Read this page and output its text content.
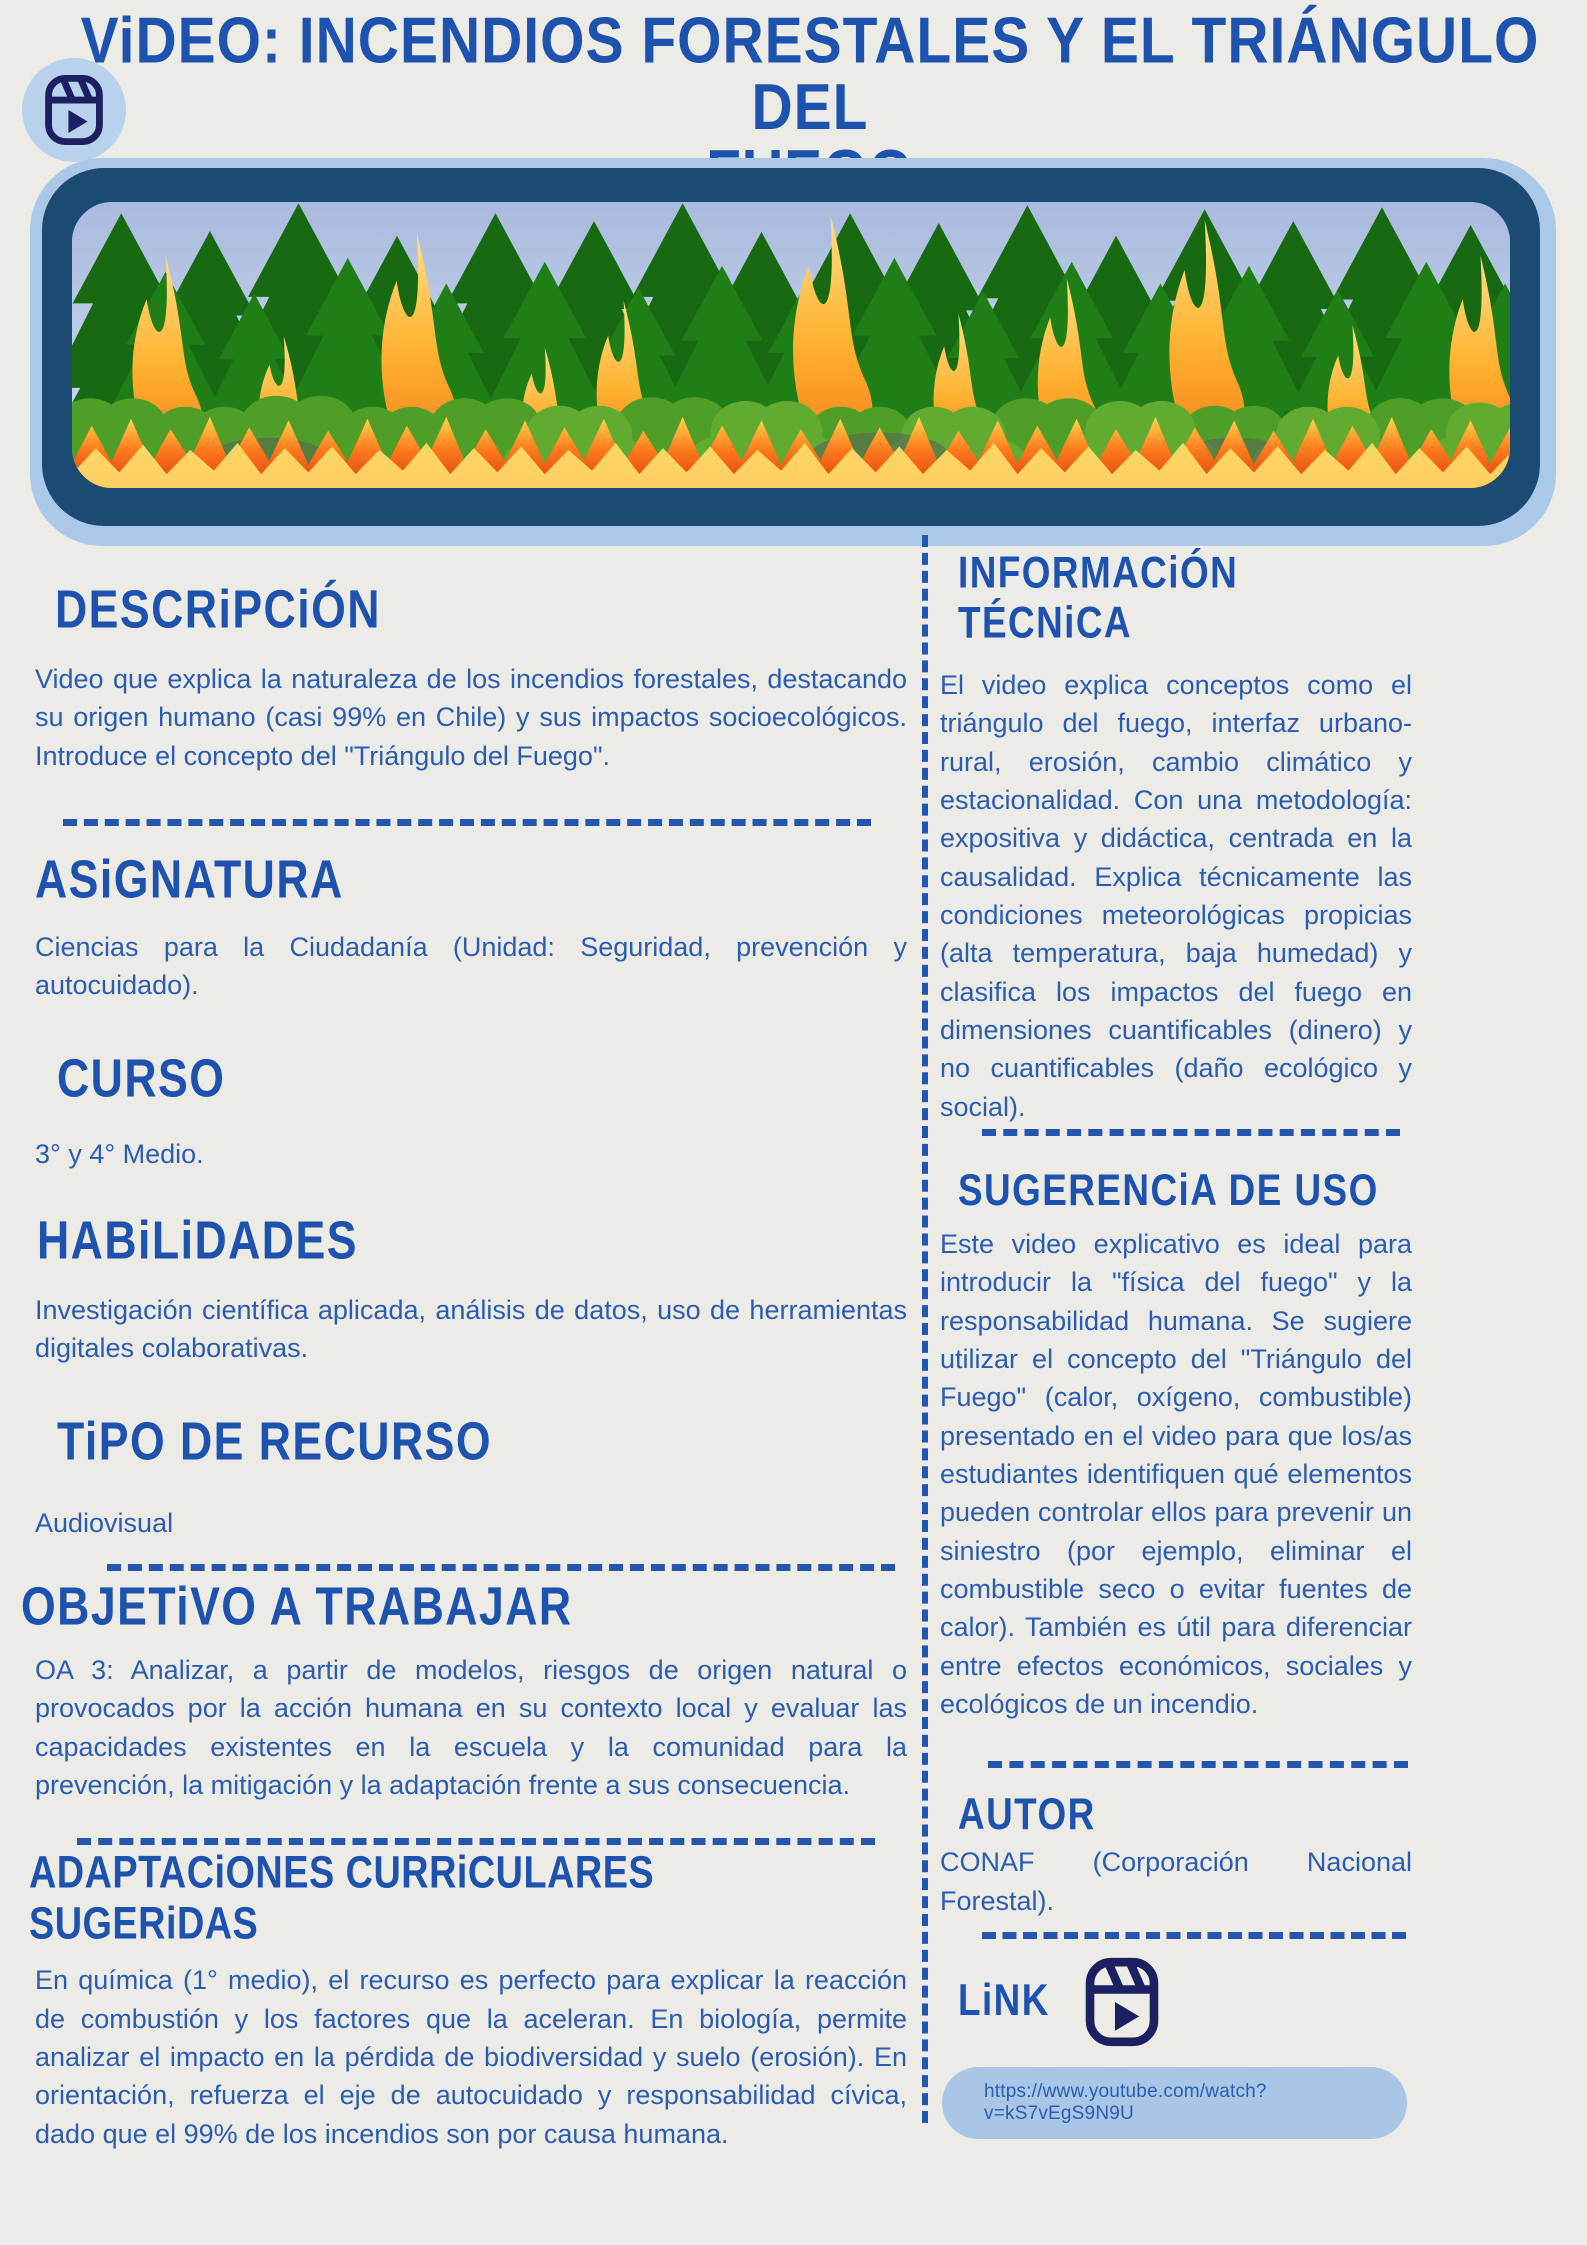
ViDEO: INCENDIOS FORESTALES Y EL TRIÁNGULO DEL

DESCRiPCiÓN

Video que explica la naturaleza de los incendios forestales, destacando su origen humano (casi 99% en Chile) y sus impactos socioecológicos. Introduce el concepto del "Triángulo del Fuego".

ASiGNATURA

Ciencias para la Ciudadanía (Unidad: Seguridad, prevención y autocuidado).

CURSO

3° y 4° Medio.

HABiLiDADES

Investigación científica aplicada, análisis de datos, uso de herramientas digitales colaborativas.

TiPO DE RECURSO

Audiovisual

OBJETiVO A TRABAJAR

OA 3: Analizar, a partir de modelos, riesgos de origen natural o provocados por la acción humana en su contexto local y evaluar las capacidades existentes en la escuela y la comunidad para la prevención, la mitigación y la adaptación frente a sus consecuencia.

ADAPTACiONES CURRiCULARES SUGERiDAS

En química (1° medio), el recurso es perfecto para explicar la reacción de combustión y los factores que la aceleran. En biología, permite analizar el impacto en la pérdida de biodiversidad y suelo (erosión). En orientación, refuerza el eje de autocuidado y responsabilidad cívica, dado que el 99% de los incendios son por causa humana.

INFORMACiÓN TÉCNiCA

El video explica conceptos como el triángulo del fuego, interfaz urbano-rural, erosión, cambio climático y estacionalidad. Con una metodología: expositiva y didáctica, centrada en la causalidad. Explica técnicamente las condiciones meteorológicas propicias (alta temperatura, baja humedad) y clasifica los impactos del fuego en dimensiones cuantificables (dinero) y no cuantificables (daño ecológico y social).

SUGERENCiA DE USO

Este video explicativo es ideal para introducir la "física del fuego" y la responsabilidad humana. Se sugiere utilizar el concepto del "Triángulo del Fuego" (calor, oxígeno, combustible) presentado en el video para que los/as estudiantes identifiquen qué elementos pueden controlar ellos para prevenir un siniestro (por ejemplo, eliminar el combustible seco o evitar fuentes de calor). También es útil para diferenciar entre efectos económicos, sociales y ecológicos de un incendio.

AUTOR

CONAF (Corporación Nacional Forestal).

LiNK
https://www.youtube.com/watch?v=kS7vEgS9N9U
